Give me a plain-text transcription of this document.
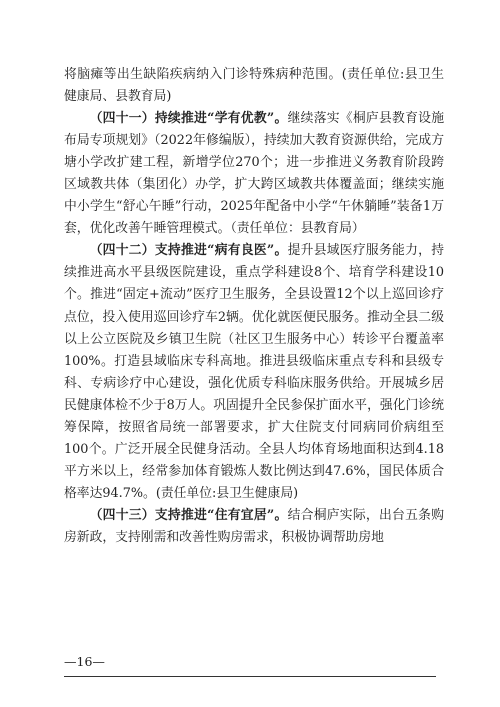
将脑瘫等出生缺陷疾病纳入门诊特殊病种范围。(责任单位:县卫生健康局、县教育局)

（四十一）持续推进“学有优教”。继续落实《桐庐县教育设施布局专项规划》（2022年修编版），持续加大教育资源供给，完成方塘小学改扩建工程，新增学位270个；进一步推进义务教育阶段跨区域教共体（集团化）办学，扩大跨区域教共体覆盖面；继续实施中小学生“舒心午睡”行动，2025年配备中小学“午休躺睡”装备1万套，优化改善午睡管理模式。（责任单位：县教育局）

（四十二）支持推进“病有良医”。提升县域医疗服务能力，持续推进高水平县级医院建设，重点学科建设8个、培育学科建设10个。推进“固定+流动”医疗卫生服务，全县设置12个以上巡回诊疗点位，投入使用巡回诊疗车2辆。优化就医便民服务。推动全县二级以上公立医院及乡镇卫生院（社区卫生服务中心）转诊平台覆盖率100%。打造县域临床专科高地。推进县级临床重点专科和县级专科、专病诊疗中心建设，强化优质专科临床服务供给。开展城乡居民健康体检不少于8万人。巩固提升全民参保扩面水平，强化门诊统筹保障，按照省局统一部署要求，扩大住院支付同病同价病组至100个。广泛开展全民健身活动。全县人均体育场地面积达到4.18平方米以上，经常参加体育锻炼人数比例达到47.6%，国民体质合格率达94.7%。(责任单位:县卫生健康局)

（四十三）支持推进“住有宜居”。结合桐庐实际，出台五条购房新政，支持刚需和改善性购房需求，积极协调帮助房地

—16—
